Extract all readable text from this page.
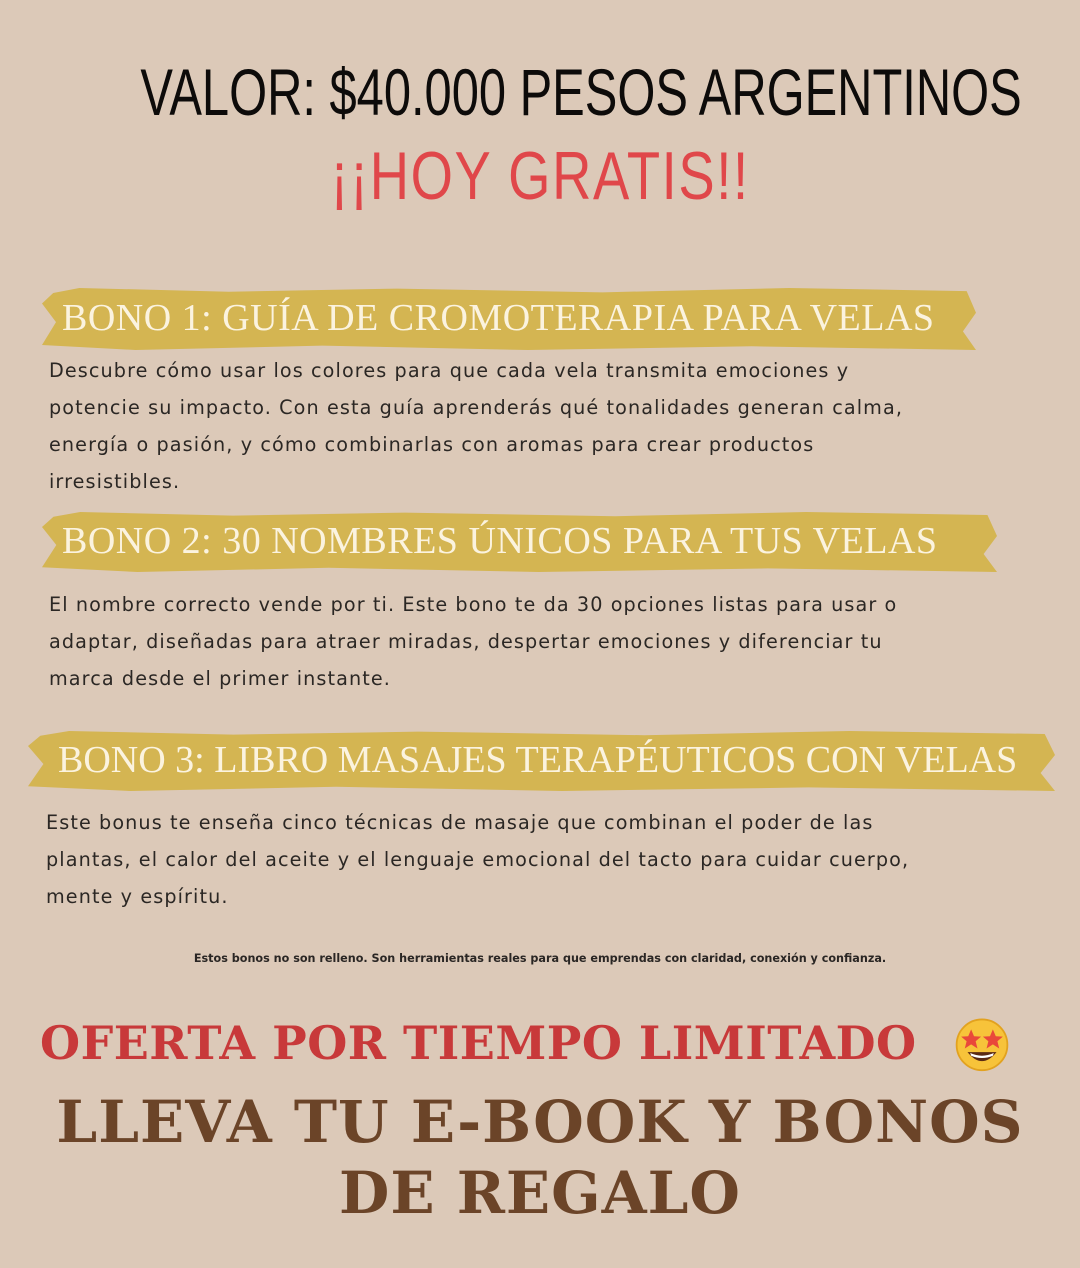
VALOR: $40.000 PESOS ARGENTINOS
¡¡HOY GRATIS!!
BONO 1: GUÍA DE CROMOTERAPIA PARA VELAS
Descubre cómo usar los colores para que cada vela transmita emociones y
potencie su impacto. Con esta guía aprenderás qué tonalidades generan calma,
energía o pasión, y cómo combinarlas con aromas para crear productos
irresistibles.
BONO 2: 30 NOMBRES ÚNICOS PARA TUS VELAS
El nombre correcto vende por ti. Este bono te da 30 opciones listas para usar o
adaptar, diseñadas para atraer miradas, despertar emociones y diferenciar tu
marca desde el primer instante.
BONO 3: LIBRO MASAJES TERAPÉUTICOS CON VELAS
Este bonus te enseña cinco técnicas de masaje que combinan el poder de las
plantas, el calor del aceite y el lenguaje emocional del tacto para cuidar cuerpo,
mente y espíritu.
Estos bonos no son relleno. Son herramientas reales para que emprendas con claridad, conexión y confianza.
OFERTA POR TIEMPO LIMITADO
LLEVA TU E-BOOK Y BONOS
DE REGALO
